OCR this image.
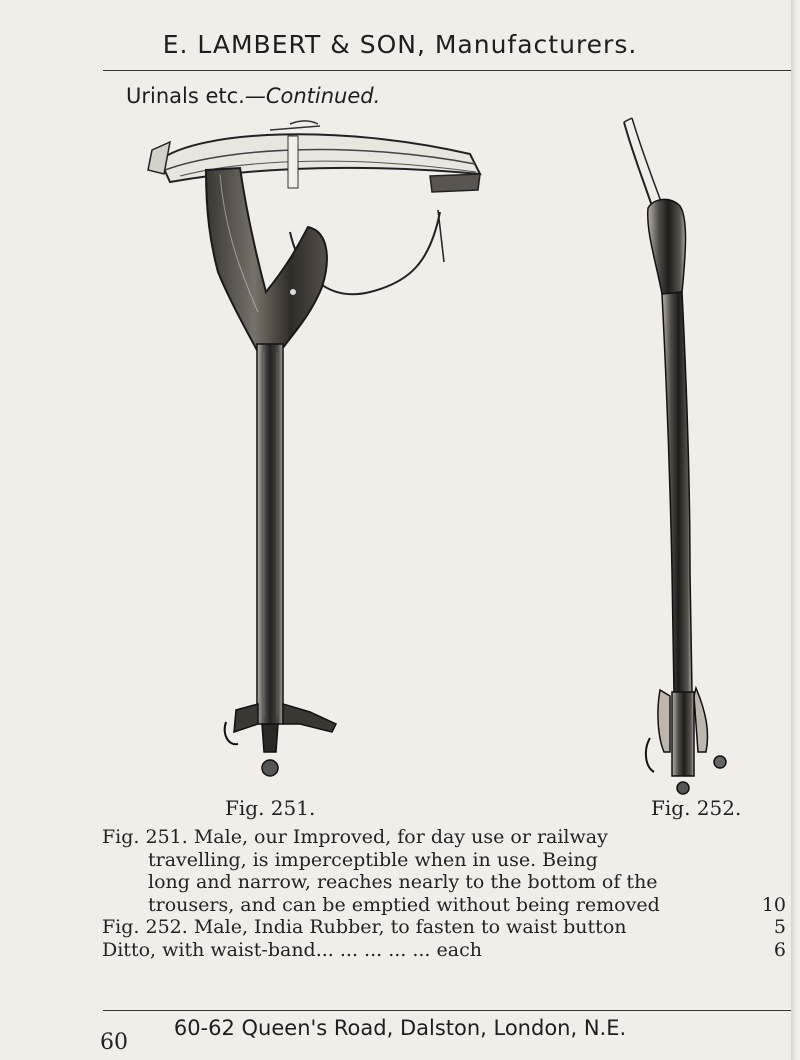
E. LAMBERT & SON, Manufacturers.
Urinals etc.—Continued.
Fig. 251.	Fig. 252.
Fig. 251. Male, our Improved, for day use or railway
travelling, is imperceptible when in use. Being
long and narrow, reaches nearly to the bottom of the
trousers, and can be emptied without being removed	10
Fig. 252. Male, India Rubber, to fasten to waist button	5
Ditto, with waist-band... ... ... ... ... each	6
60-62 Queen's Road, Dalston, London, N.E.
60
